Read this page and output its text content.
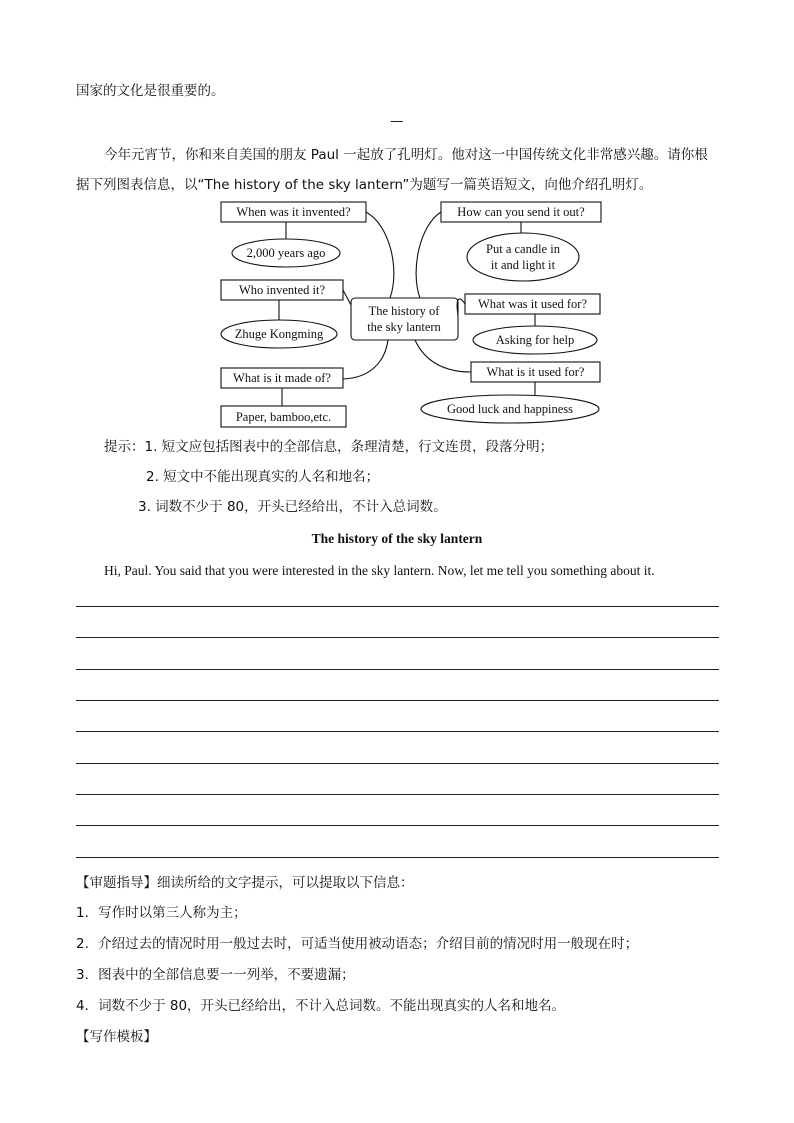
国家的文化是很重要的。
—
今年元宵节，你和来自美国的朋友 Paul 一起放了孔明灯。他对这一中国传统文化非常感兴趣。请你根
据下列图表信息，以“The history of the sky lantern”为题写一篇英语短文，向他介绍孔明灯。
The history of
the sky lantern
When was it invented?
Who invented it?
What is it made of?
How can you send it out?
What was it used for?
What is it used for?
2,000 years ago
Zhuge Kongming
Paper, bamboo,etc.
Put a candle in
it and light it
Asking for help
Good luck and happiness
提示：1. 短文应包括图表中的全部信息，条理清楚，行文连贯，段落分明；
2. 短文中不能出现真实的人名和地名；
3. 词数不少于 80，开头已经给出，不计入总词数。
The history of the sky lantern
Hi, Paul. You said that you were interested in the sky lantern. Now, let me tell you something about it.
【审题指导】细读所给的文字提示，可以提取以下信息：
1．写作时以第三人称为主；
2．介绍过去的情况时用一般过去时，可适当使用被动语态；介绍目前的情况时用一般现在时；
3．图表中的全部信息要一一列举，不要遗漏；
4．词数不少于 80，开头已经给出，不计入总词数。不能出现真实的人名和地名。
【写作模板】
